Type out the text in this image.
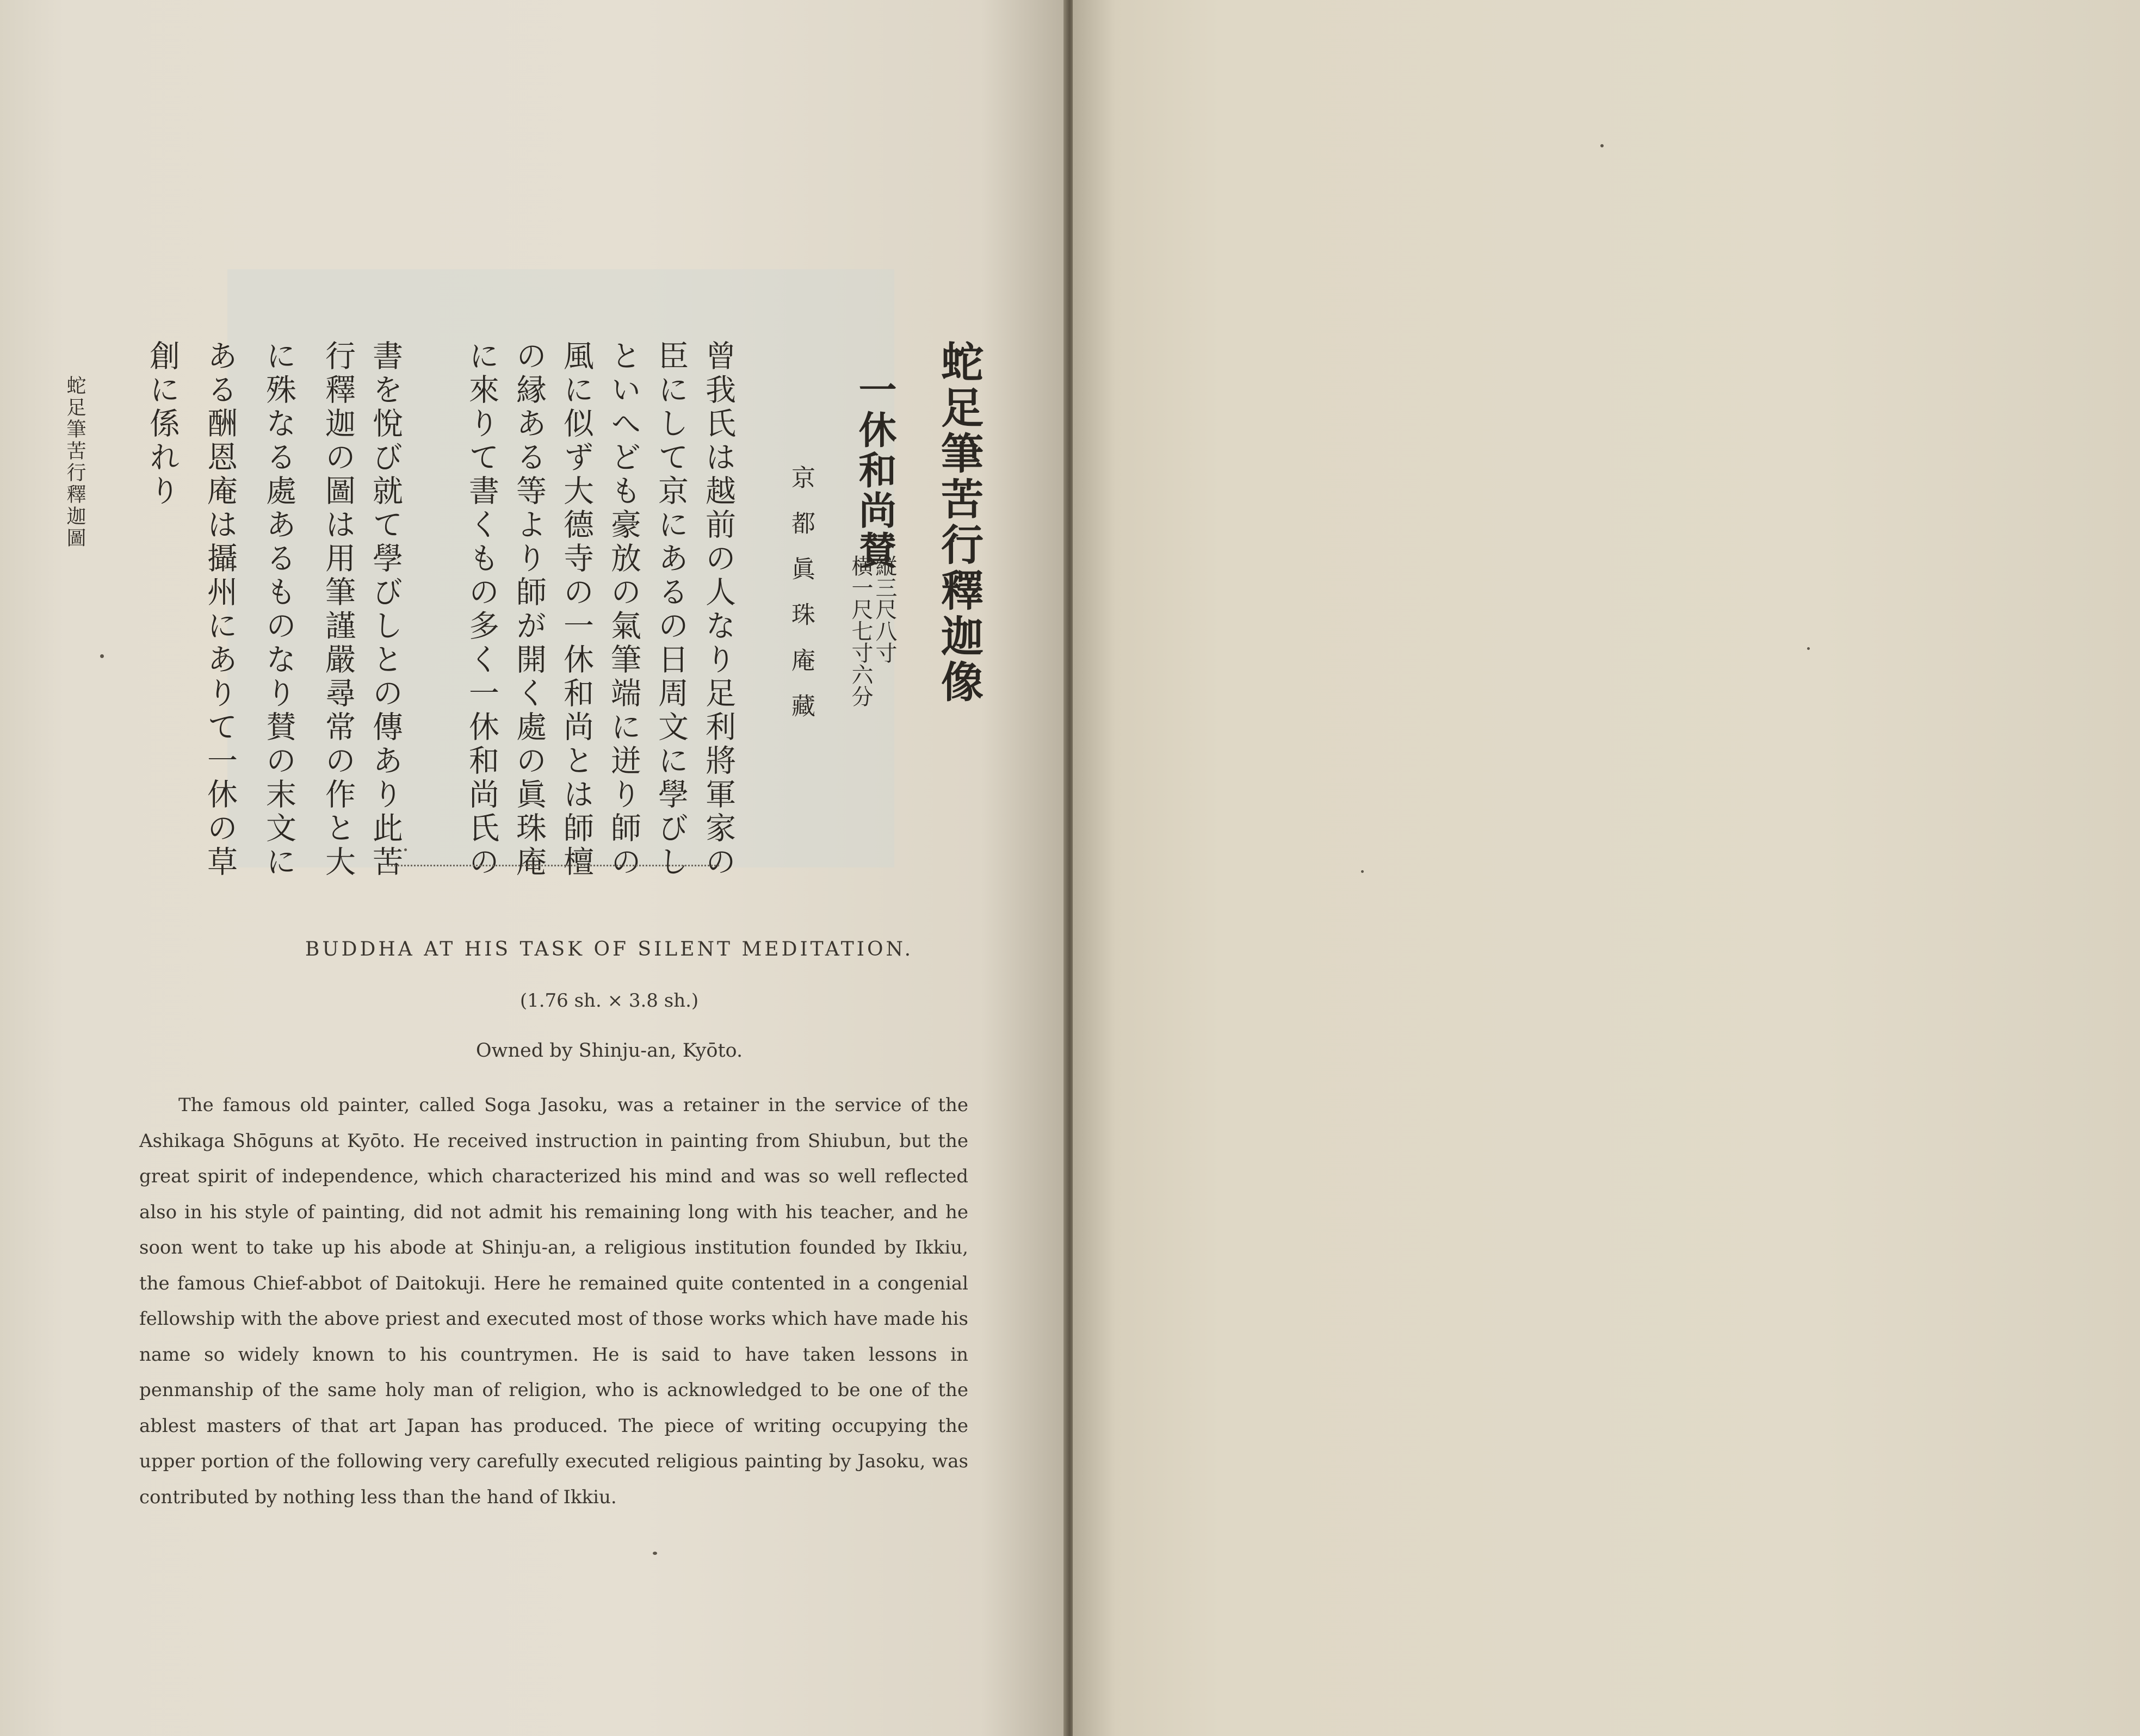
蛇足筆苦行釋迦圖	蛇足筆苦行釋迦像
一休和尚賛
縦三尺八寸
横一尺七寸六分
京都眞珠庵藏
曾我氏は越前の人なり足利將軍家の
臣にして京にあるの日周文に學びし
といへども豪放の氣筆端に迸り師の
風に似ず大德寺の一休和尚とは師檀
の縁ある等より師が開く處の眞珠庵
に來りて書くもの多く一休和尚氏の
書を悅び就て學びしとの傳あり此苦
行釋迦の圖は用筆謹嚴尋常の作と大
に殊なる處あるものなり賛の末文に
ある酬恩庵は攝州にありて一休の草
創に係れり
BUDDHA AT HIS TASK OF SILENT MEDITATION.
(1.76 sh. × 3.8 sh.)
Owned by Shinju-an, Kyōto.
The famous old painter, called Soga Jasoku, was a retainer in the service of the Ashikaga Shōguns at Kyōto. He received instruction in painting from Shiubun, but the great spirit of independence, which characterized his mind and was so well reflected also in his style of painting, did not admit his remaining long with his teacher, and he soon went to take up his abode at Shinju-an, a religious institution founded by Ikkiu, the famous Chief-abbot of Daitokuji. Here he remained quite contented in a congenial fellowship with the above priest and executed most of those works which have made his name so widely known to his countrymen. He is said to have taken lessons in penmanship of the same holy man of religion, who is acknowledged to be one of the ablest masters of that art Japan has produced. The piece of writing occupying the upper portion of the following very carefully executed religious painting by Jasoku, was contributed by nothing less than the hand of Ikkiu.
